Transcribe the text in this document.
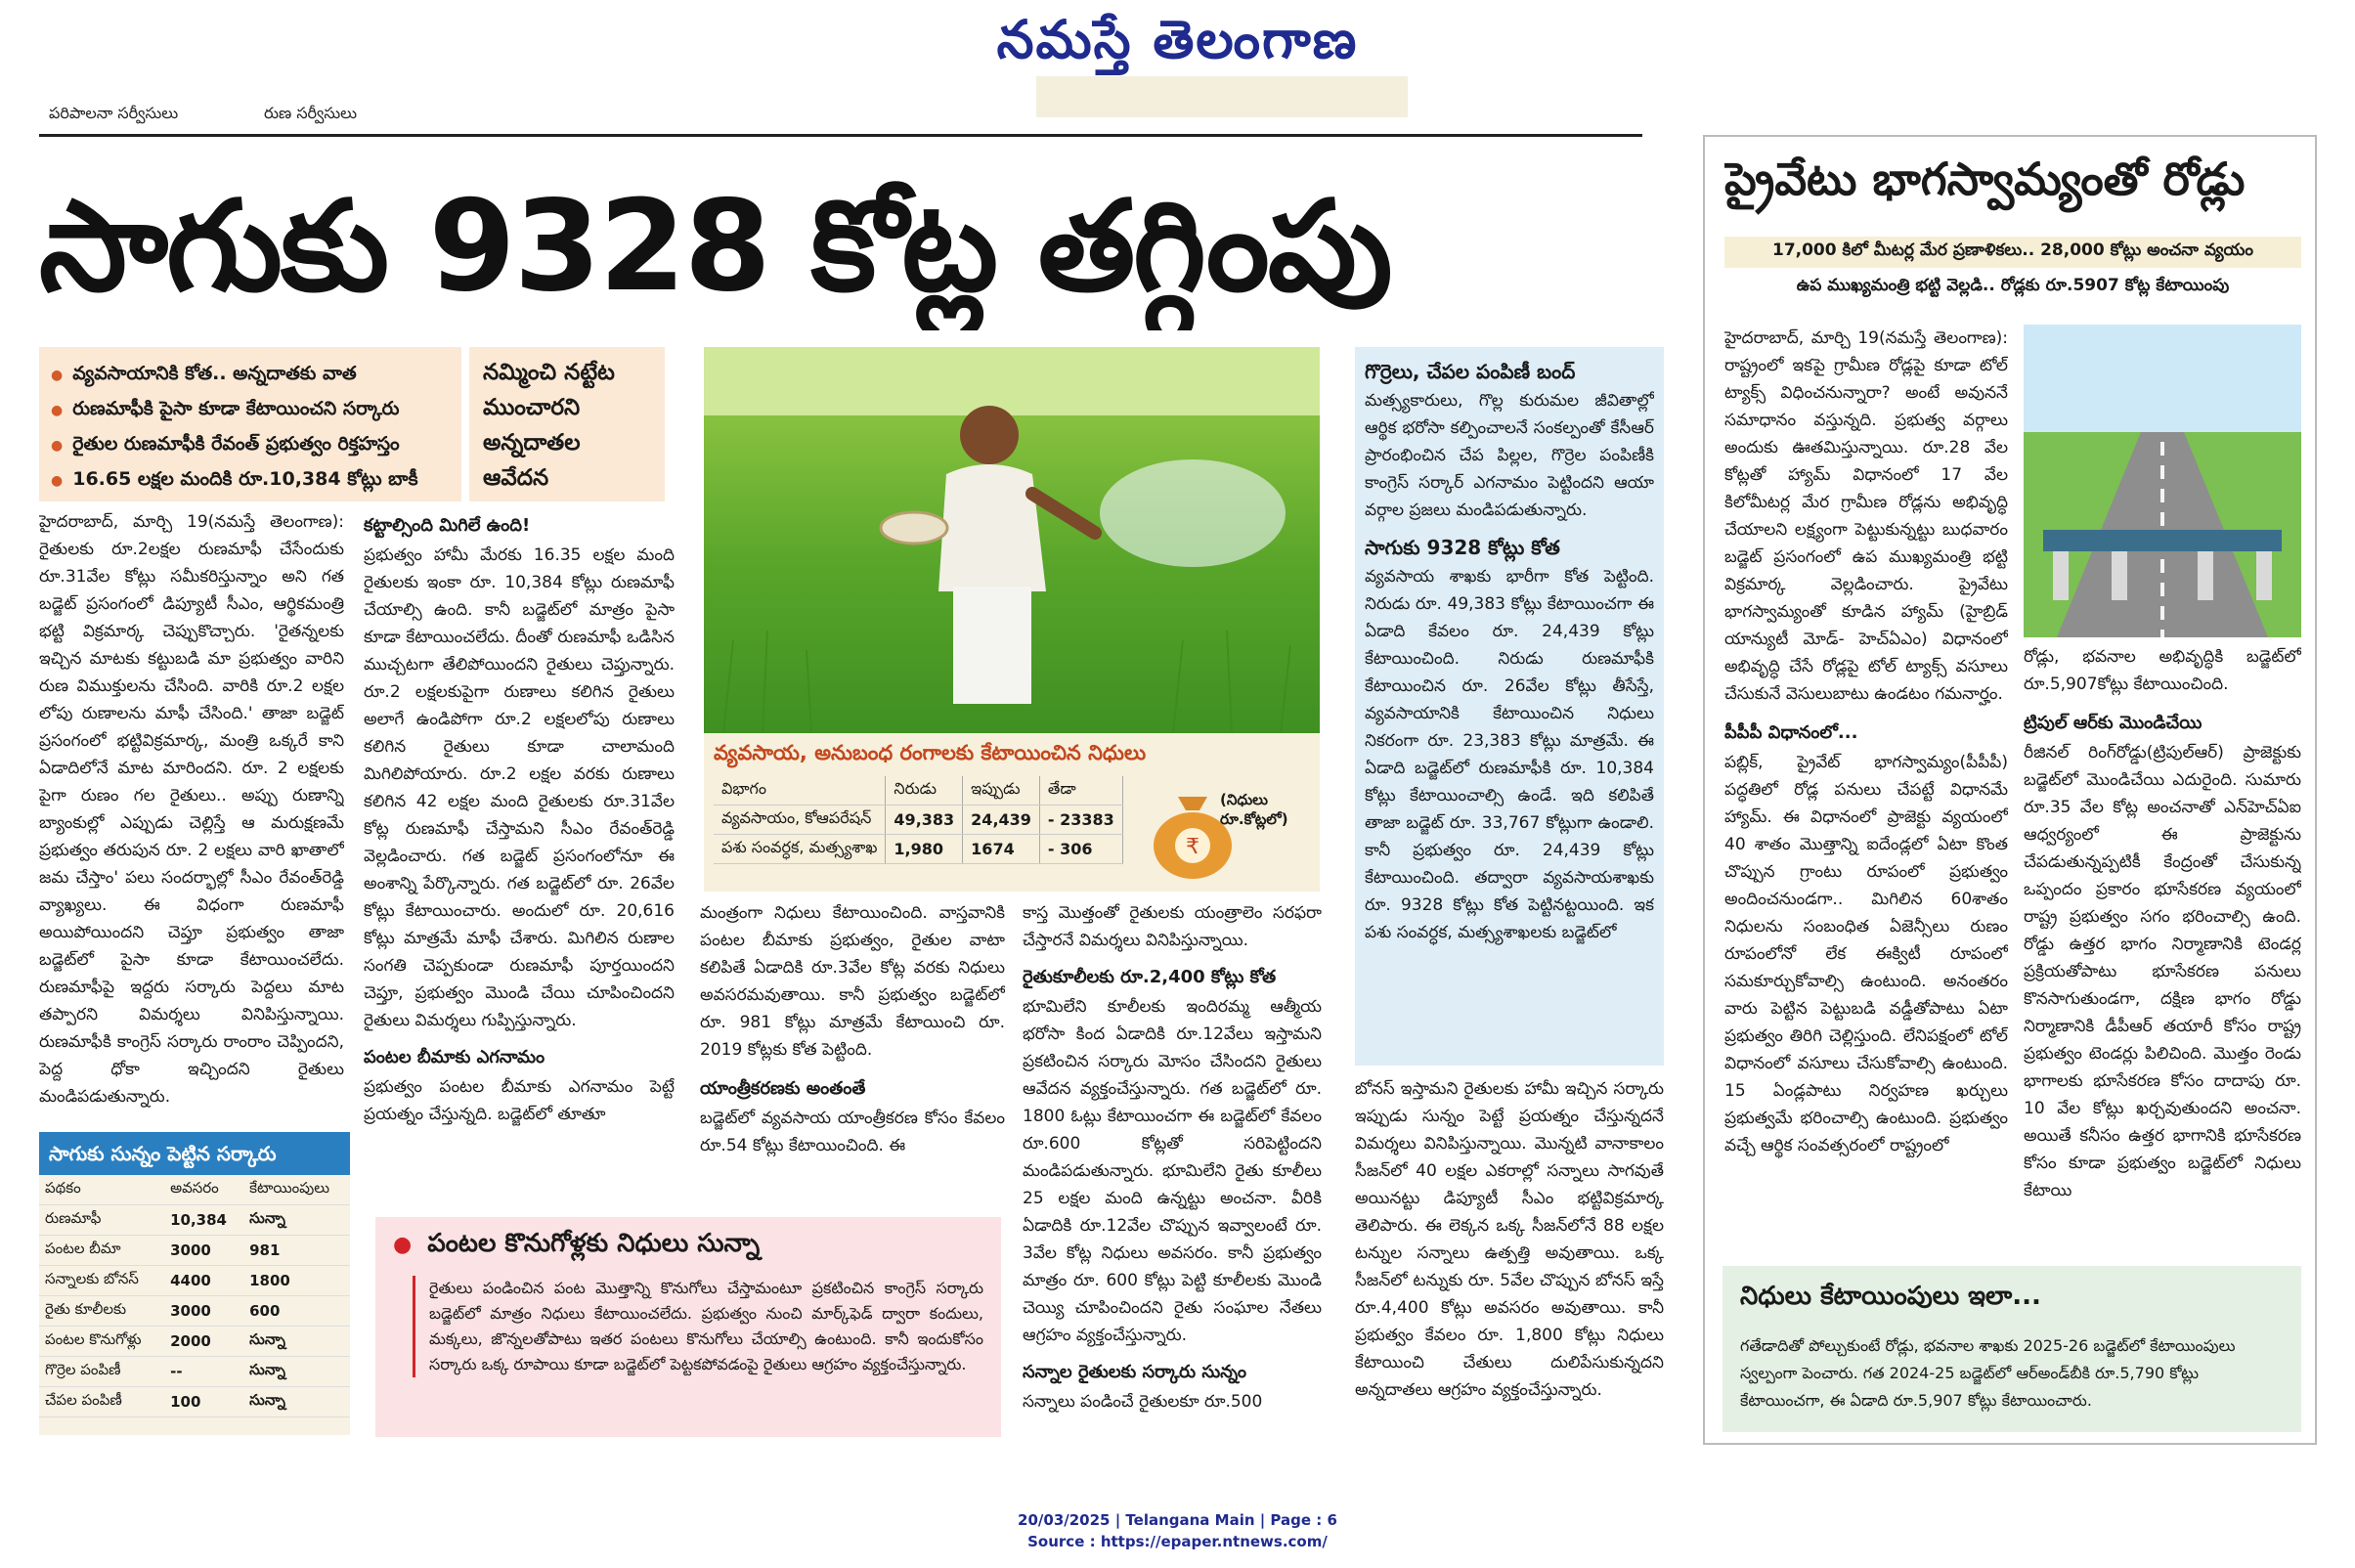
నమస్తే తెలంగాణ
పరిపాలనా సర్వీసులు	రుణ సర్వీసులు
సాగుకు 9328 కోట్ల తగ్గింపు
● వ్యవసాయానికి కోత.. అన్నదాతకు వాత
● రుణమాఫీకి పైసా కూడా కేటాయించని సర్కారు
● రైతుల రుణమాఫీకి రేవంత్ ప్రభుత్వం రిక్తహస్తం
● 16.65 లక్షల మందికి రూ.10,384 కోట్లు బాకీ
నమ్మించి నట్టేట ముంచారని అన్నదాతల ఆవేదన
హైదరాబాద్, మార్చి 19(నమస్తే తెలంగాణ): రైతులకు రూ.2లక్షల రుణమాఫీ చేసేందుకు రూ.31వేల కోట్లు సమీకరిస్తున్నాం అని గత బడ్జెట్ ప్రసంగంలో డిప్యూటీ సీఎం, ఆర్థికమంత్రి భట్టి విక్రమార్క చెప్పుకొచ్చారు. 'రైతన్నలకు ఇచ్చిన మాటకు కట్టుబడి మా ప్రభుత్వం వారిని రుణ విముక్తులను చేసింది. వారికి రూ.2 లక్షల లోపు రుణాలను మాఫీ చేసింది.' తాజా బడ్జెట్ ప్రసంగంలో భట్టివిక్రమార్క, మంత్రి ఒక్కరే కాని ఏడాదిలోనే మాట మారిందని. రూ. 2 లక్షలకు పైగా రుణం గల రైతులు.. అప్పు రుణాన్ని బ్యాంకుల్లో ఎప్పుడు చెల్లిస్తే ఆ మరుక్షణమే ప్రభుత్వం తరుపున రూ. 2 లక్షలు వారి ఖాతాలో జమ చేస్తాం' పలు సందర్భాల్లో సీఎం రేవంత్‌రెడ్డి వ్యాఖ్యలు. ఈ విధంగా రుణమాఫీ అయిపోయిందని చెప్తూ ప్రభుత్వం తాజా బడ్జెట్‌లో పైసా కూడా కేటాయించలేదు. రుణమాఫీపై ఇద్దరు సర్కారు పెద్దలు మాట తప్పారని విమర్శలు వినిపిస్తున్నాయి. రుణమాఫీకి కాంగ్రెస్ సర్కారు రాంరాం చెప్పిందని, పెద్ద ధోకా ఇచ్చిందని రైతులు మండిపడుతున్నారు.
కట్టాల్సింది మిగిలే ఉంది!
ప్రభుత్వం హామీ మేరకు 16.35 లక్షల మంది రైతులకు ఇంకా రూ. 10,384 కోట్లు రుణమాఫీ చేయాల్సి ఉంది. కానీ బడ్జెట్‌లో మాత్రం పైసా కూడా కేటాయించలేదు. దీంతో రుణమాఫీ ఒడిసిన ముచ్చటగా తేలిపోయిందని రైతులు చెప్తున్నారు. రూ.2 లక్షలకుపైగా రుణాలు కలిగిన రైతులు అలాగే ఉండిపోగా రూ.2 లక్షలలోపు రుణాలు కలిగిన రైతులు కూడా చాలామంది మిగిలిపోయారు. రూ.2 లక్షల వరకు రుణాలు కలిగిన 42 లక్షల మంది రైతులకు రూ.31వేల కోట్ల రుణమాఫీ చేస్తామని సీఎం రేవంత్‌రెడ్డి వెల్లడించారు. గత బడ్జెట్ ప్రసంగంలోనూ ఈ అంశాన్ని పేర్కొన్నారు. గత బడ్జెట్‌లో రూ. 26వేల కోట్లు కేటాయించారు. అందులో రూ. 20,616 కోట్లు మాత్రమే మాఫీ చేశారు. మిగిలిన రుణాల సంగతి చెప్పకుండా రుణమాఫీ పూర్తయిందని చెప్తూ, ప్రభుత్వం మొండి చేయి చూపించిందని రైతులు విమర్శలు గుప్పిస్తున్నారు.
పంటల బీమాకు ఎగనామం
ప్రభుత్వం పంటల బీమాకు ఎగనామం పెట్టే ప్రయత్నం చేస్తున్నది. బడ్జెట్‌లో తూతూ
వ్యవసాయ, అనుబంధ రంగాలకు కేటాయించిన నిధులు
విభాగం	నిరుడు	ఇప్పుడు	తేడా
వ్యవసాయం, కోఆపరేషన్	49,383	24,439	- 23383
పశు సంవర్ధక, మత్స్యశాఖ	1,980	1674	- 306
(నిధులు రూ.కోట్లలో)
₹
మంత్రంగా నిధులు కేటాయించింది. వాస్తవానికి పంటల బీమాకు ప్రభుత్వం, రైతుల వాటా కలిపితే ఏడాదికి రూ.3వేల కోట్ల వరకు నిధులు అవసరమవుతాయి. కానీ ప్రభుత్వం బడ్జెట్‌లో రూ. 981 కోట్లు మాత్రమే కేటాయించి రూ. 2019 కోట్లకు కోత పెట్టింది.
యాంత్రీకరణకు అంతంతే
బడ్జెట్‌లో వ్యవసాయ యాంత్రీకరణ కోసం కేవలం రూ.54 కోట్లు కేటాయించింది. ఈ
కాస్త మొత్తంతో రైతులకు యంత్రాలెం సరఫరా చేస్తారనే విమర్శలు వినిపిస్తున్నాయి.
రైతుకూలీలకు రూ.2,400 కోట్లు కోత
భూమిలేని కూలీలకు ఇందిరమ్మ ఆత్మీయ భరోసా కింద ఏడాదికి రూ.12వేలు ఇస్తామని ప్రకటించిన సర్కారు మోసం చేసిందని రైతులు ఆవేదన వ్యక్తంచేస్తున్నారు. గత బడ్జెట్‌లో రూ. 1800 ఓట్లు కేటాయించగా ఈ బడ్జెట్‌లో కేవలం రూ.600 కోట్లతో సరిపెట్టిందని మండిపడుతున్నారు. భూమిలేని రైతు కూలీలు 25 లక్షల మంది ఉన్నట్టు అంచనా. వీరికి ఏడాదికి రూ.12వేల చొప్పున ఇవ్వాలంటే రూ. 3వేల కోట్ల నిధులు అవసరం. కానీ ప్రభుత్వం మాత్రం రూ. 600 కోట్లు పెట్టి కూలీలకు మొండి చెయ్యి చూపించిందని రైతు సంఘాల నేతలు ఆగ్రహం వ్యక్తంచేస్తున్నారు.
సన్నాల రైతులకు సర్కారు సున్నం
సన్నాలు పండించే రైతులకూ రూ.500
గొర్రెలు, చేపల పంపిణీ బంద్
మత్స్యకారులు, గొల్ల కురుమల జీవితాల్లో ఆర్థిక భరోసా కల్పించాలనే సంకల్పంతో కేసీఆర్ ప్రారంభించిన చేప పిల్లల, గొర్రెల పంపిణీకి కాంగ్రెస్ సర్కార్ ఎగనామం పెట్టిందని ఆయా వర్గాల ప్రజలు మండిపడుతున్నారు.
సాగుకు 9328 కోట్లు కోత
వ్యవసాయ శాఖకు భారీగా కోత పెట్టింది. నిరుడు రూ. 49,383 కోట్లు కేటాయించగా ఈ ఏడాది కేవలం రూ. 24,439 కోట్లు కేటాయించింది. నిరుడు రుణమాఫీకి కేటాయించిన రూ. 26వేల కోట్లు తీసేస్తే, వ్యవసాయానికి కేటాయించిన నిధులు నికరంగా రూ. 23,383 కోట్లు మాత్రమే. ఈ ఏడాది బడ్జెట్‌లో రుణమాఫీకి రూ. 10,384 కోట్లు కేటాయించాల్సి ఉండే. ఇది కలిపితే తాజా బడ్జెట్ రూ. 33,767 కోట్లుగా ఉండాలి. కానీ ప్రభుత్వం రూ. 24,439 కోట్లు కేటాయించింది. తద్వారా వ్యవసాయశాఖకు రూ. 9328 కోట్లు కోత పెట్టినట్టయింది. ఇక పశు సంవర్ధక, మత్స్యశాఖలకు బడ్జెట్‌లో
బోనస్ ఇస్తామని రైతులకు హామీ ఇచ్చిన సర్కారు ఇప్పుడు సున్నం పెట్టే ప్రయత్నం చేస్తున్నదనే విమర్శలు వినిపిస్తున్నాయి. మొన్నటి వానాకాలం సీజన్‌లో 40 లక్షల ఎకరాల్లో సన్నాలు సాగవుతే అయినట్టు డిప్యూటీ సీఎం భట్టివిక్రమార్క తెలిపారు. ఈ లెక్కన ఒక్క సీజన్‌లోనే 88 లక్షల టన్నుల సన్నాలు ఉత్పత్తి అవుతాయి. ఒక్క సీజన్‌లో టన్నుకు రూ. 5వేల చొప్పున బోనస్ ఇస్తే రూ.4,400 కోట్లు అవసరం అవుతాయి. కానీ ప్రభుత్వం కేవలం రూ. 1,800 కోట్లు నిధులు కేటాయించి చేతులు దులిపేసుకున్నదని అన్నదాతలు ఆగ్రహం వ్యక్తంచేస్తున్నారు.
సాగుకు సున్నం పెట్టిన సర్కారు
పథకం	అవసరం	కేటాయింపులు
రుణమాఫీ	10,384	సున్నా
పంటల బీమా	3000	981
సన్నాలకు బోనస్	4400	1800
రైతు కూలీలకు	3000	600
పంటల కొనుగోళ్లు	2000	సున్నా
గొర్రెల పంపిణీ	--	సున్నా
చేపల పంపిణీ	100	సున్నా
● పంటల కొనుగోళ్లకు నిధులు సున్నా
రైతులు పండించిన పంట మొత్తాన్ని కొనుగోలు చేస్తామంటూ ప్రకటించిన కాంగ్రెస్ సర్కారు బడ్జెట్‌లో మాత్రం నిధులు కేటాయించలేదు. ప్రభుత్వం నుంచి మార్క్‌ఫెడ్ ద్వారా కందులు, మక్కలు, జొన్నలతోపాటు ఇతర పంటలు కొనుగోలు చేయాల్సి ఉంటుంది. కానీ ఇందుకోసం సర్కారు ఒక్క రూపాయి కూడా బడ్జెట్‌లో పెట్టకపోవడంపై రైతులు ఆగ్రహం వ్యక్తంచేస్తున్నారు.
ప్రైవేటు భాగస్వామ్యంతో రోడ్లు
17,000 కిలో మీటర్ల మేర ప్రణాళికలు.. 28,000 కోట్లు అంచనా వ్యయం
ఉప ముఖ్యమంత్రి భట్టి వెల్లడి.. రోడ్లకు రూ.5907 కోట్ల కేటాయింపు
హైదరాబాద్, మార్చి 19(నమస్తే తెలంగాణ): రాష్ట్రంలో ఇకపై గ్రామీణ రోడ్లపై కూడా టోల్ ట్యాక్స్ విధించనున్నారా? అంటే అవుననే సమాధానం వస్తున్నది. ప్రభుత్వ వర్గాలు అందుకు ఊతమిస్తున్నాయి. రూ.28 వేల కోట్లతో హ్యామ్ విధానంలో 17 వేల కిలోమీటర్ల మేర గ్రామీణ రోడ్లను అభివృద్ధి చేయాలని లక్ష్యంగా పెట్టుకున్నట్టు బుధవారం బడ్జెట్ ప్రసంగంలో ఉప ముఖ్యమంత్రి భట్టి విక్రమార్క వెల్లడించారు. ప్రైవేటు భాగస్వామ్యంతో కూడిన హ్యామ్ (హైబ్రిడ్ యాన్యుటీ మోడ్- హెచ్ఏఎం) విధానంలో అభివృద్ధి చేసే రోడ్లపై టోల్ ట్యాక్స్ వసూలు చేసుకునే వెసులుబాటు ఉండటం గమనార్హం.
పీపీపీ విధానంలో...
పబ్లిక్, ప్రైవేట్ భాగస్వామ్యం(పీపీపీ) పద్ధతిలో రోడ్ల పనులు చేపట్టే విధానమే హ్యామ్. ఈ విధానంలో ప్రాజెక్టు వ్యయంలో 40 శాతం మొత్తాన్ని ఐదేండ్లలో ఏటా కొంత చొప్పున గ్రాంటు రూపంలో ప్రభుత్వం అందించనుండగా.. మిగిలిన 60శాతం నిధులను సంబంధిత ఏజెన్సీలు రుణం రూపంలోనో లేక ఈక్విటీ రూపంలో సమకూర్చుకోవాల్సి ఉంటుంది. అనంతరం వారు పెట్టిన పెట్టుబడి వడ్డీతోపాటు ఏటా ప్రభుత్వం తిరిగి చెల్లిస్తుంది. లేనిపక్షంలో టోల్ విధానంలో వసూలు చేసుకోవాల్సి ఉంటుంది. 15 ఏండ్లపాటు నిర్వహణ ఖర్చులు ప్రభుత్వమే భరించాల్సి ఉంటుంది. ప్రభుత్వం వచ్చే ఆర్థిక సంవత్సరంలో రాష్ట్రంలో
రోడ్లు, భవనాల అభివృద్ధికి బడ్జెట్‌లో రూ.5,907కోట్లు కేటాయించింది.
ట్రిపుల్ ఆర్‌కు మొండిచేయి
రీజినల్ రింగ్‌రోడ్డు(ట్రిపుల్‌ఆర్) ప్రాజెక్టుకు బడ్జెట్‌లో మొండిచేయి ఎదురైంది. సుమారు రూ.35 వేల కోట్ల అంచనాతో ఎన్‌హెచ్ఏఐ ఆధ్వర్యంలో ఈ ప్రాజెక్టును చేపడుతున్నప్పటికీ కేంద్రంతో చేసుకున్న ఒప్పందం ప్రకారం భూసేకరణ వ్యయంలో రాష్ట్ర ప్రభుత్వం సగం భరించాల్సి ఉంది. రోడ్డు ఉత్తర భాగం నిర్మాణానికి టెండర్ల ప్రక్రియతోపాటు భూసేకరణ పనులు కొనసాగుతుండగా, దక్షిణ భాగం రోడ్డు నిర్మాణానికి డీపీఆర్ తయారీ కోసం రాష్ట్ర ప్రభుత్వం టెండర్లు పిలిచింది. మొత్తం రెండు భాగాలకు భూసేకరణ కోసం దాదాపు రూ. 10 వేల కోట్లు ఖర్చవుతుందని అంచనా. అయితే కనీసం ఉత్తర భాగానికి భూసేకరణ కోసం కూడా ప్రభుత్వం బడ్జెట్‌లో నిధులు కేటాయి
నిధులు కేటాయింపులు ఇలా...
గతేడాదితో పోల్చుకుంటే రోడ్లు, భవనాల శాఖకు 2025-26 బడ్జెట్‌లో కేటాయింపులు స్వల్పంగా పెంచారు. గత 2024-25 బడ్జెట్‌లో ఆర్‌అండ్‌బీకి రూ.5,790 కోట్లు కేటాయించగా, ఈ ఏడాది రూ.5,907 కోట్లు కేటాయించారు.
20/03/2025 | Telangana Main | Page : 6
Source : https://epaper.ntnews.com/
